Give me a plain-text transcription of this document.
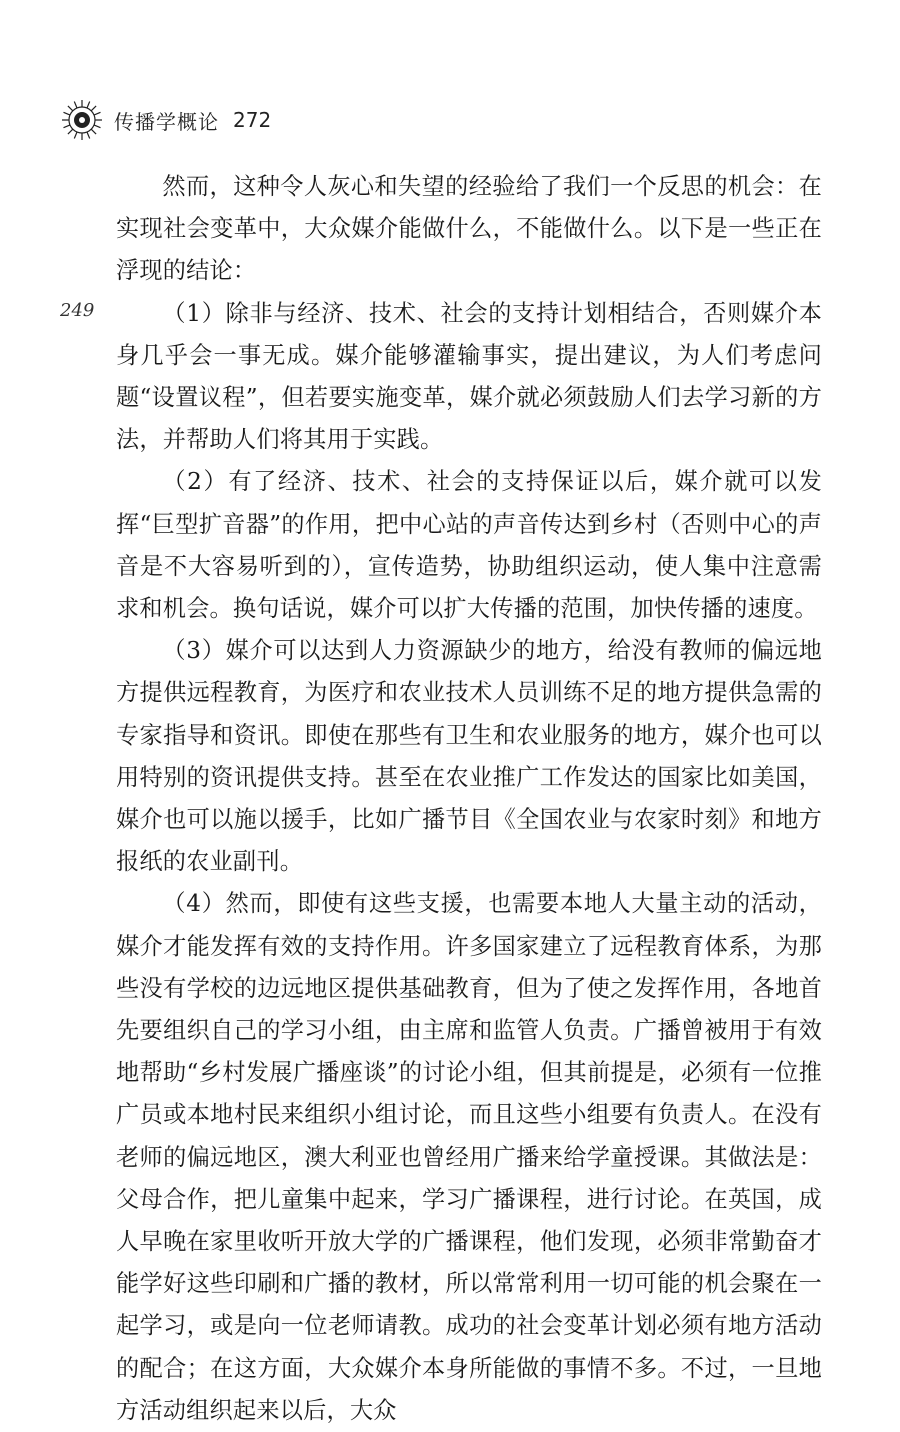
传播学概论 272
249

然而，这种令人灰心和失望的经验给了我们一个反思的机会：在实现社会变革中，大众媒介能做什么，不能做什么。以下是一些正在浮现的结论：

（1）除非与经济、技术、社会的支持计划相结合，否则媒介本身几乎会一事无成。媒介能够灌输事实，提出建议，为人们考虑问题“设置议程”，但若要实施变革，媒介就必须鼓励人们去学习新的方法，并帮助人们将其用于实践。

（2）有了经济、技术、社会的支持保证以后，媒介就可以发挥“巨型扩音器”的作用，把中心站的声音传达到乡村（否则中心的声音是不大容易听到的），宣传造势，协助组织运动，使人集中注意需求和机会。换句话说，媒介可以扩大传播的范围，加快传播的速度。

（3）媒介可以达到人力资源缺少的地方，给没有教师的偏远地方提供远程教育，为医疗和农业技术人员训练不足的地方提供急需的专家指导和资讯。即使在那些有卫生和农业服务的地方，媒介也可以用特别的资讯提供支持。甚至在农业推广工作发达的国家比如美国，媒介也可以施以援手，比如广播节目《全国农业与农家时刻》和地方报纸的农业副刊。

（4）然而，即使有这些支援，也需要本地人大量主动的活动，媒介才能发挥有效的支持作用。许多国家建立了远程教育体系，为那些没有学校的边远地区提供基础教育，但为了使之发挥作用，各地首先要组织自己的学习小组，由主席和监管人负责。广播曾被用于有效地帮助“乡村发展广播座谈”的讨论小组，但其前提是，必须有一位推广员或本地村民来组织小组讨论，而且这些小组要有负责人。在没有老师的偏远地区，澳大利亚也曾经用广播来给学童授课。其做法是：父母合作，把儿童集中起来，学习广播课程，进行讨论。在英国，成人早晚在家里收听开放大学的广播课程，他们发现，必须非常勤奋才能学好这些印刷和广播的教材，所以常常利用一切可能的机会聚在一起学习，或是向一位老师请教。成功的社会变革计划必须有地方活动的配合；在这方面，大众媒介本身所能做的事情不多。不过，一旦地方活动组织起来以后，大众
